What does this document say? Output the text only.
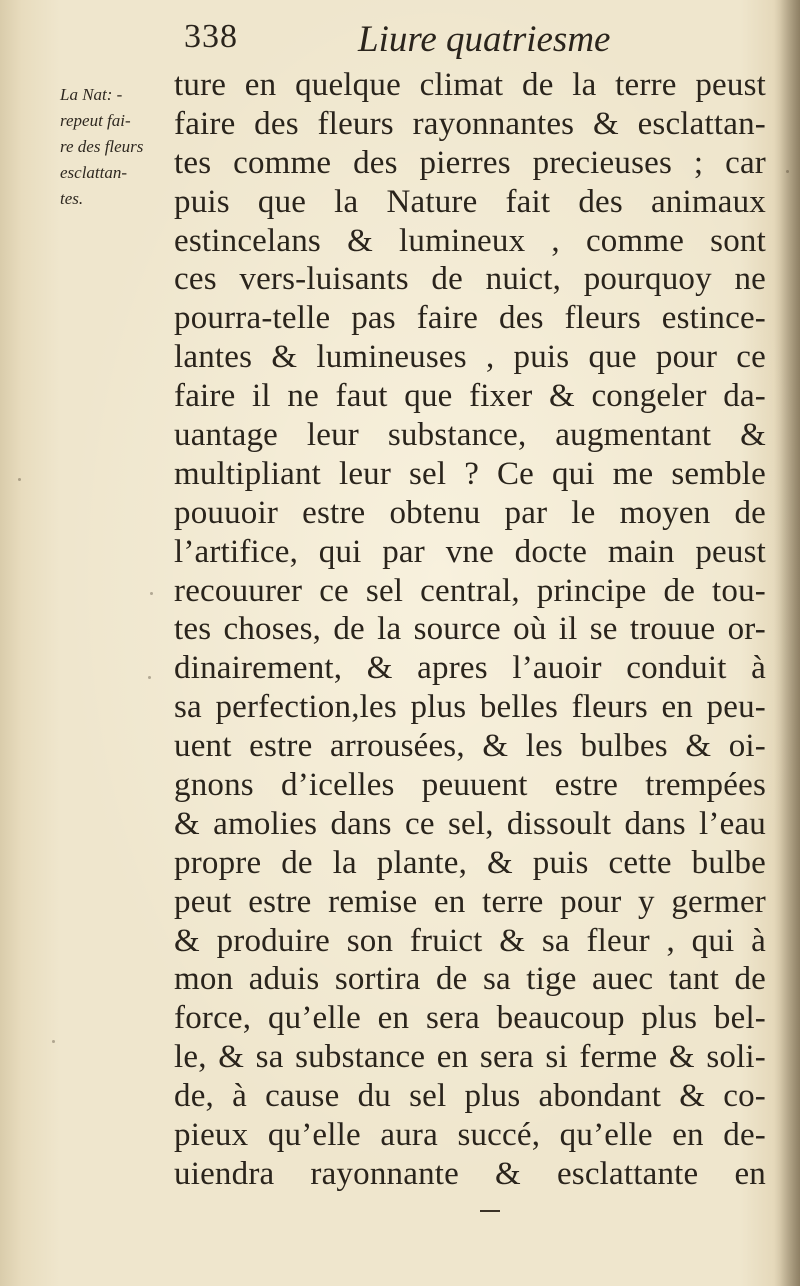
338	Liure quatriesme
La Nat: -
repeut fai-
re des fleurs
esclattan-
tes.
ture en quelque climat de la terre peust
faire des fleurs rayonnantes & esclattan-
tes comme des pierres precieuses ; car
puis que la Nature fait des animaux
estincelans & lumineux , comme sont
ces vers-luisants de nuict, pourquoy ne
pourra-telle pas faire des fleurs estince-
lantes & lumineuses , puis que pour ce
faire il ne faut que fixer & congeler da-
uantage leur substance, augmentant &
multipliant leur sel ? Ce qui me semble
pouuoir estre obtenu par le moyen de
l’artifice, qui par vne docte main peust
recouurer ce sel central, principe de tou-
tes choses, de la source où il se trouue or-
dinairement, & apres l’auoir conduit à
sa perfection,les plus belles fleurs en peu-
uent estre arrousées, & les bulbes & oi-
gnons d’icelles peuuent estre trempées
& amolies dans ce sel, dissoult dans l’eau
propre de la plante, & puis cette bulbe
peut estre remise en terre pour y germer
& produire son fruict & sa fleur , qui à
mon aduis sortira de sa tige auec tant de
force, qu’elle en sera beaucoup plus bel-
le, & sa substance en sera si ferme & soli-
de, à cause du sel plus abondant & co-
pieux qu’elle aura succé, qu’elle en de-
uiendra rayonnante & esclattante en
